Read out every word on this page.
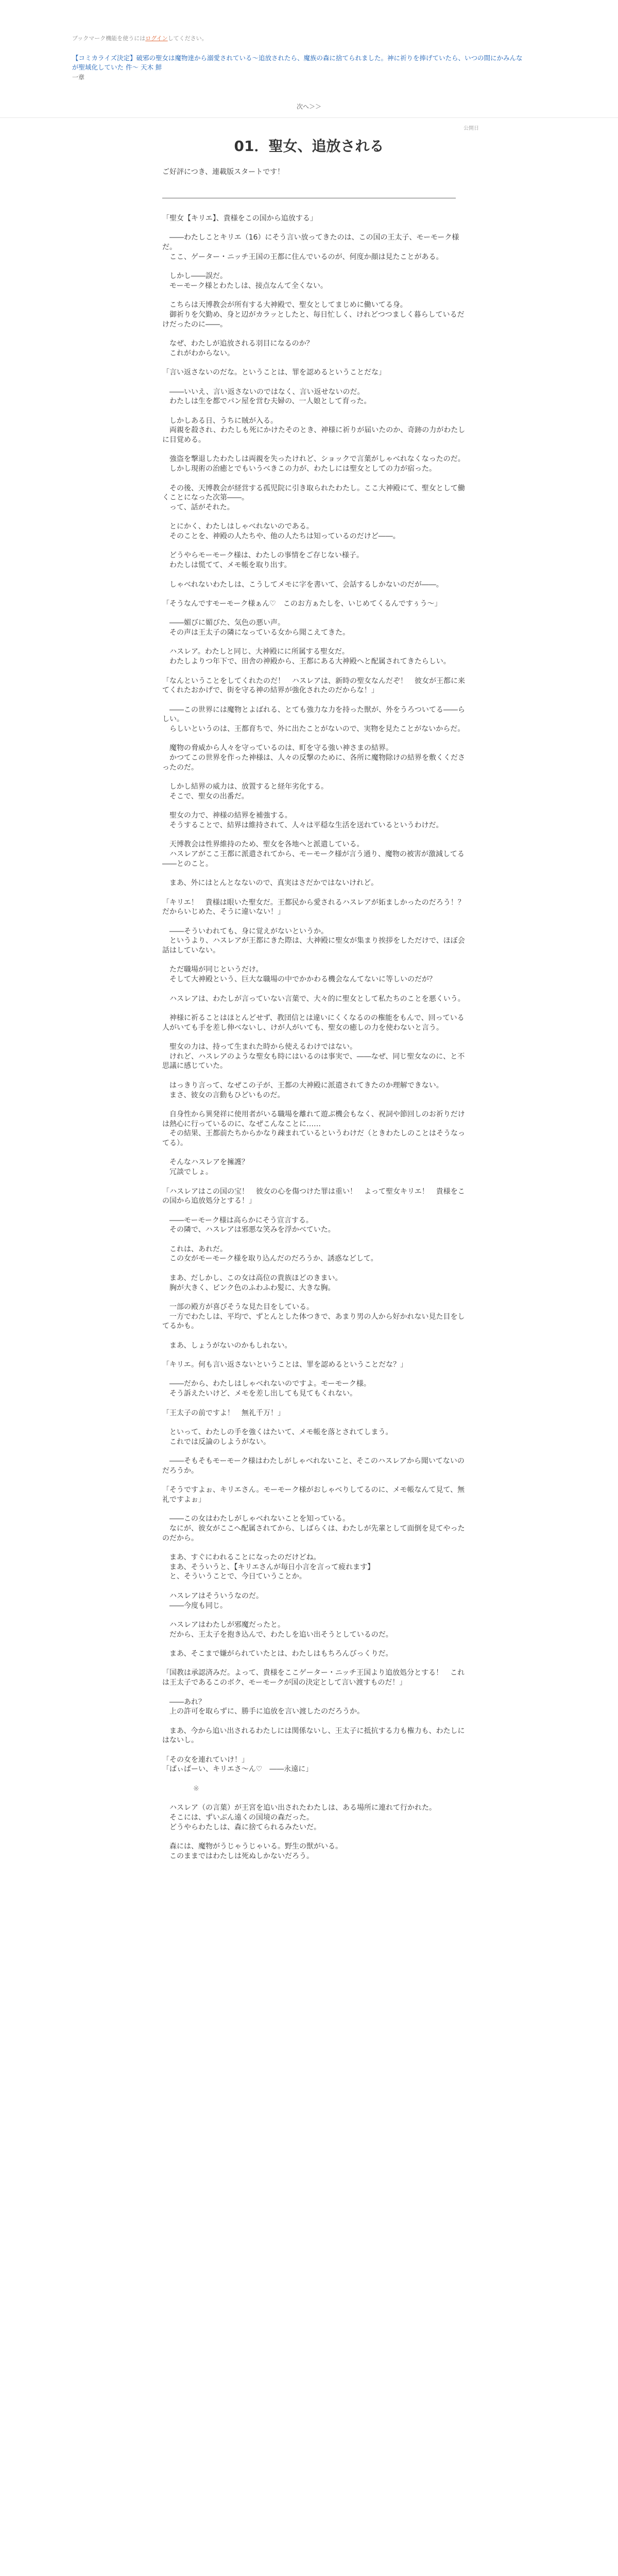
ブックマーク機能を使うにはログインしてください。
【コミカライズ決定】破邪の聖女は魔物達から溺愛されている～追放されたら、魔族の森に捨てられました。神に祈りを捧げていたら、いつの間にかみんなが聖域化していた 件～ 天木 鮮
一章
次へ＞＞
公開日
01．聖女、追放される
ご好評につき、連載版スタートです！

「聖女【キリエ】、貴様をこの国から追放する」

　――わたしことキリエ（16）にそう言い放ってきたのは、この国の王太子、モーモーク様だ。

　ここ、ゲーター・ニッチ王国の王都に住んでいるのが、何度か顔は見たことがある。

　しかし――誤だ。

　モーモーク様とわたしは、接点なんて全くない。

　こちらは天博教会が所有する大神殿で、聖女としてまじめに働いてる身。

　御祈りを欠勤め、身と辺がカラッとしたと、毎日忙しく、けれどつつましく暮らしているだけだったのに――。

　なぜ、わたしが追放される羽目になるのか？

　これがわからない。

「言い返さないのだな。ということは、罪を認めるということだな」

　――いいえ、言い返さないのではなく、言い返せないのだ。

　わたしは生を都でパン屋を営む夫婦の、一人娘として育った。

　しかしある日、うちに賊が入る。

　両親を殺され、わたしも死にかけたそのとき、神様に祈りが届いたのか、奇跡の力がわたしに目覚める。

　強盗を撃退したわたしは両親を失ったけれど、ショックで言葉がしゃべれなくなったのだ。

　しかし現術の治癒とでもいうべきこの力が、わたしには聖女としての力が宿った。

　その後、天博教会が経営する孤児院に引き取られたわたし。ここ大神殿にて、聖女として働くことになった次第――。

　って、話がそれた。

　とにかく、わたしはしゃべれないのである。

　そのことを、神殿の人たちや、他の人たちは知っているのだけど――。

　どうやらモーモーク様は、わたしの事情をご存じない様子。

　わたしは慌てて、メモ帳を取り出す。

　しゃべれないわたしは、こうしてメモに字を書いて、会話するしかないのだが――。

「そうなんですモーモーク様ぁん♡　このお方ぁたしを、いじめてくるんですぅう～」

　――媚びに媚びた、気色の悪い声。

　その声は王太子の隣になっている女から聞こえてきた。

　ハスレア。わたしと同じ、大神殿にに所属する聖女だ。

　わたしよりつ年下で、田舎の神殿から、王都にある大神殿へと配属されてきたらしい。

「なんということをしてくれたのだ！　ハスレアは、新時の聖女なんだぞ！　彼女が王都に来てくれたおかげで、街を守る神の結界が強化されたのだからな！」

　――この世界には魔物とよばれる、とても強力な力を持った獣が、外をうろついてる――らしい。

　らしいというのは、王都育ちで、外に出たことがないので、実物を見たことがないからだ。

　魔物の脅威から人々を守っているのは、町を守る強い神さまの結界。

　かつてこの世界を作った神様は、人々の反撃のために、各所に魔物除けの結界を敷くくださったのだ。

　しかし結界の威力は、放置すると経年劣化する。

　そこで、聖女の出番だ。

　聖女の力で、神様の結界を補強する。

　そうすることで、結界は維持されて、人々は平穏な生活を送れているというわけだ。

　天博教会は性界維持のため、聖女を各地へと派遣している。

　ハスレアがここ王都に派遣されてから、モーモーク様が言う通り、魔物の被害が激減してる――とのこと。

　まあ、外にはとんとなないので、真実はさだかではないけれど。

「キリエ！　貴様は眼いた聖女だ。王都民から愛されるハスレアが妬ましかったのだろう！？　だからいじめた、そうに違いない！」

　――そういわれても、身に覚えがないというか。

　というより、ハスレアが王都にきた際は、大神殿に聖女が集まり挨拶をしただけで、ほぼ会話はしていない。

　ただ職場が同じというだけ。

　そして大神殿という、巨大な職場の中でかかわる機会なんてないに等しいのだが？

　ハスレアは、わたしが言っていない言葉で、大々的に聖女として私たちのことを悪くいう。

　神様に祈ることはほとんどせず、教団信とは違いにくくなるのの権能をもんで、回っている人がいても手を差し伸べないし、けが人がいても、聖女の癒しの力を使わないと言う。

　聖女の力は、持って生まれた時から使えるわけではない。

　けれど、ハスレアのような聖女も時にはいるのは事実で、――なぜ、同じ聖女なのに、と不思議に感じていた。

　はっきり言って、なぜこの子が、王都の大神殿に派遣されてきたのか理解できない。

　まさ、彼女の言動もひどいものだ。

　自身性から異発祥に使用者がいる職場を離れて遊ぶ機会もなく、祝詞や節回しのお祈りだけは熱心に行っているのに、なぜこんなことに……

　その結果、王都前たちからかなり疎まれているというわけだ（ときわたしのことはそうなってる）。

　そんなハスレアを擁護？

　冗談でしょ。

「ハスレアはこの国の宝！　彼女の心を傷つけた罪は重い！　よって聖女キリエ！　貴様をこの国から追放処分とする！」

　――モーモーク様は高らかにそう宣言する。

　その隣で、ハスレアは邪悪な笑みを浮かべていた。

　これは、あれだ。

　この女がモーモーク様を取り込んだのだろうか、誘惑などして。

　まあ、だしかし、この女は高位の貴族ほどのきまい。

　胸が大きく、ピンク色のふわふわ髪に、大きな胸。

　一部の殿方が喜びそうな見た目をしている。

　一方でわたしは、平均で、ずとんとした体つきで、あまり男の人から好かれない見た目をしてるかも。

　まあ、しょうがないのかもしれない。

「キリエ。何も言い返さないということは、罪を認めるということだな？」

　――だから、わたしはしゃべれないのですよ。モーモーク様。

　そう訴えたいけど、メモを差し出しても見てもくれない。

「王太子の前ですよ！　無礼千万！」

　といって、わたしの手を強くはたいて、メモ帳を落とされてしまう。

　これでは反論のしようがない。

　――そもそもモーモーク様はわたしがしゃべれないこと、そこのハスレアから聞いてないのだろうか。

「そうですよぉ、キリエさん。モーモーク様がおしゃべりしてるのに、メモ帳なんて見て、無礼ですよぉ」

　――この女はわたしがしゃべれないことを知っている。

　なにが、彼女がここへ配属されてから、しばらくは、わたしが先輩として面倒を見てやったのだから。

　まあ、すぐにわれることになったのだけどね。

　まあ、そういうと、【キリエさんが毎日小言を言って疲れます】

　と、そういうことで、今日ていうことか。

　ハスレアはそういうなのだ。

　――今度も同じ。

　ハスレアはわたしが邪魔だったと。

　だから、王太子を抱き込んで、わたしを追い出そうとしているのだ。

　まあ、そこまで嫌がられていたとは、わたしはもちろんびっくりだ。

「国教は承認済みだ。よって、貴様をここゲーター・ニッチ王国より追放処分とする！　これは王太子であるこのボク、モーモークが国の決定として言い渡すものだ！」

　――あれ？

　上の許可を取らずに、勝手に追放を言い渡したのだろうか。

　まあ、今から追い出されるわたしには関係ないし、王太子に抵抗する力も権力も、わたしにはないし。

「その女を連れていけ！」

「ぱぃぱーい、キリエさ〜ん♡　――永遠に」

※

　ハスレア（の言葉）が王宮を追い出されたわたしは、ある場所に連れて行かれた。

　そこには、ずいぶん遠くの国境の森だった。

　どうやらわたしは、森に捨てられるみたいだ。

　森には、魔物がうじゃうじゃいる。野生の獣がいる。

　このままではわたしは死ぬしかないだろう。
